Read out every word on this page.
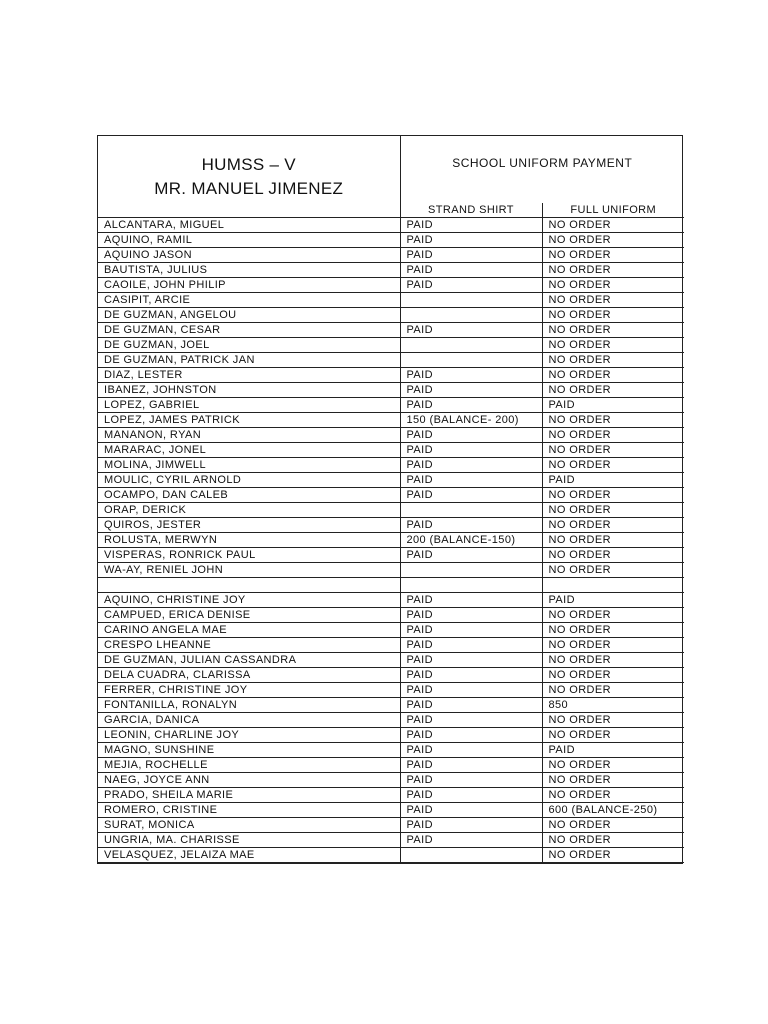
HUMSS – V
MR. MANUEL JIMENEZ	SCHOOL UNIFORM PAYMENT	
	STRAND SHIRT	FULL UNIFORM
ALCANTARA, MIGUEL	PAID	NO ORDER
AQUINO, RAMIL	PAID	NO ORDER
AQUINO JASON	PAID	NO ORDER
BAUTISTA, JULIUS	PAID	NO ORDER
CAOILE, JOHN PHILIP	PAID	NO ORDER
CASIPIT, ARCIE		NO ORDER
DE GUZMAN, ANGELOU		NO ORDER
DE GUZMAN, CESAR	PAID	NO ORDER
DE GUZMAN, JOEL		NO ORDER
DE GUZMAN, PATRICK JAN		NO ORDER
DIAZ, LESTER	PAID	NO ORDER
IBANEZ, JOHNSTON	PAID	NO ORDER
LOPEZ, GABRIEL	PAID	PAID
LOPEZ, JAMES PATRICK	150 (BALANCE- 200)	NO ORDER
MANANON, RYAN	PAID	NO ORDER
MARARAC, JONEL	PAID	NO ORDER
MOLINA, JIMWELL	PAID	NO ORDER
MOULIC, CYRIL ARNOLD	PAID	PAID
OCAMPO, DAN CALEB	PAID	NO ORDER
ORAP, DERICK		NO ORDER
QUIROS, JESTER	PAID	NO ORDER
ROLUSTA, MERWYN	200 (BALANCE-150)	NO ORDER
VISPERAS, RONRICK PAUL	PAID	NO ORDER
WA-AY, RENIEL JOHN		NO ORDER

AQUINO, CHRISTINE JOY	PAID	PAID
CAMPUED, ERICA DENISE	PAID	NO ORDER
CARINO ANGELA MAE	PAID	NO ORDER
CRESPO LHEANNE	PAID	NO ORDER
DE GUZMAN, JULIAN CASSANDRA	PAID	NO ORDER
DELA CUADRA, CLARISSA	PAID	NO ORDER
FERRER, CHRISTINE JOY	PAID	NO ORDER
FONTANILLA, RONALYN	PAID	850
GARCIA, DANICA	PAID	NO ORDER
LEONIN, CHARLINE JOY	PAID	NO ORDER
MAGNO, SUNSHINE	PAID	PAID
MEJIA, ROCHELLE	PAID	NO ORDER
NAEG, JOYCE ANN	PAID	NO ORDER
PRADO, SHEILA MARIE	PAID	NO ORDER
ROMERO, CRISTINE	PAID	600 (BALANCE-250)
SURAT, MONICA	PAID	NO ORDER
UNGRIA, MA. CHARISSE	PAID	NO ORDER
VELASQUEZ, JELAIZA MAE		NO ORDER
